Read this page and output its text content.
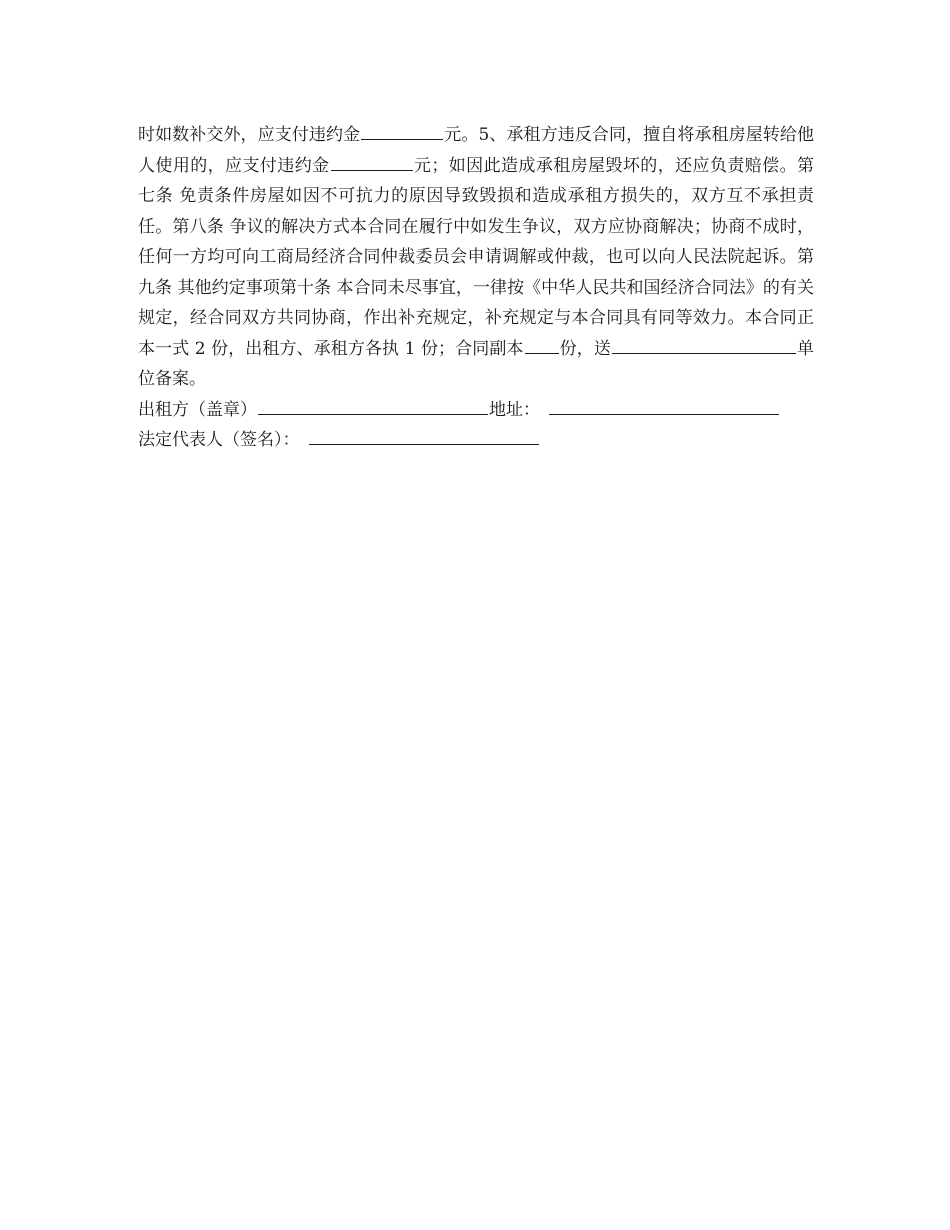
时如数补交外，应支付违约金	元。5、承租方违反合同，擅自将承租房屋转给他人使用的，应支付违约金	元；如因此造成承租房屋毁坏的，还应负责赔偿。第七条 免责条件房屋如因不可抗力的原因导致毁损和造成承租方损失的，双方互不承担责任。第八条 争议的解决方式本合同在履行中如发生争议，双方应协商解决；协商不成时，任何一方均可向工商局经济合同仲裁委员会申请调解或仲裁，也可以向人民法院起诉。第九条 其他约定事项第十条 本合同未尽事宜，一律按《中华人民共和国经济合同法》的有关规定，经合同双方共同协商，作出补充规定，补充规定与本合同具有同等效力。本合同正本一式 2 份，出租方、承租方各执 1 份；合同副本 份，送	单位备案。

出租方（盖章）	地址：

法定代表人（签名）：
